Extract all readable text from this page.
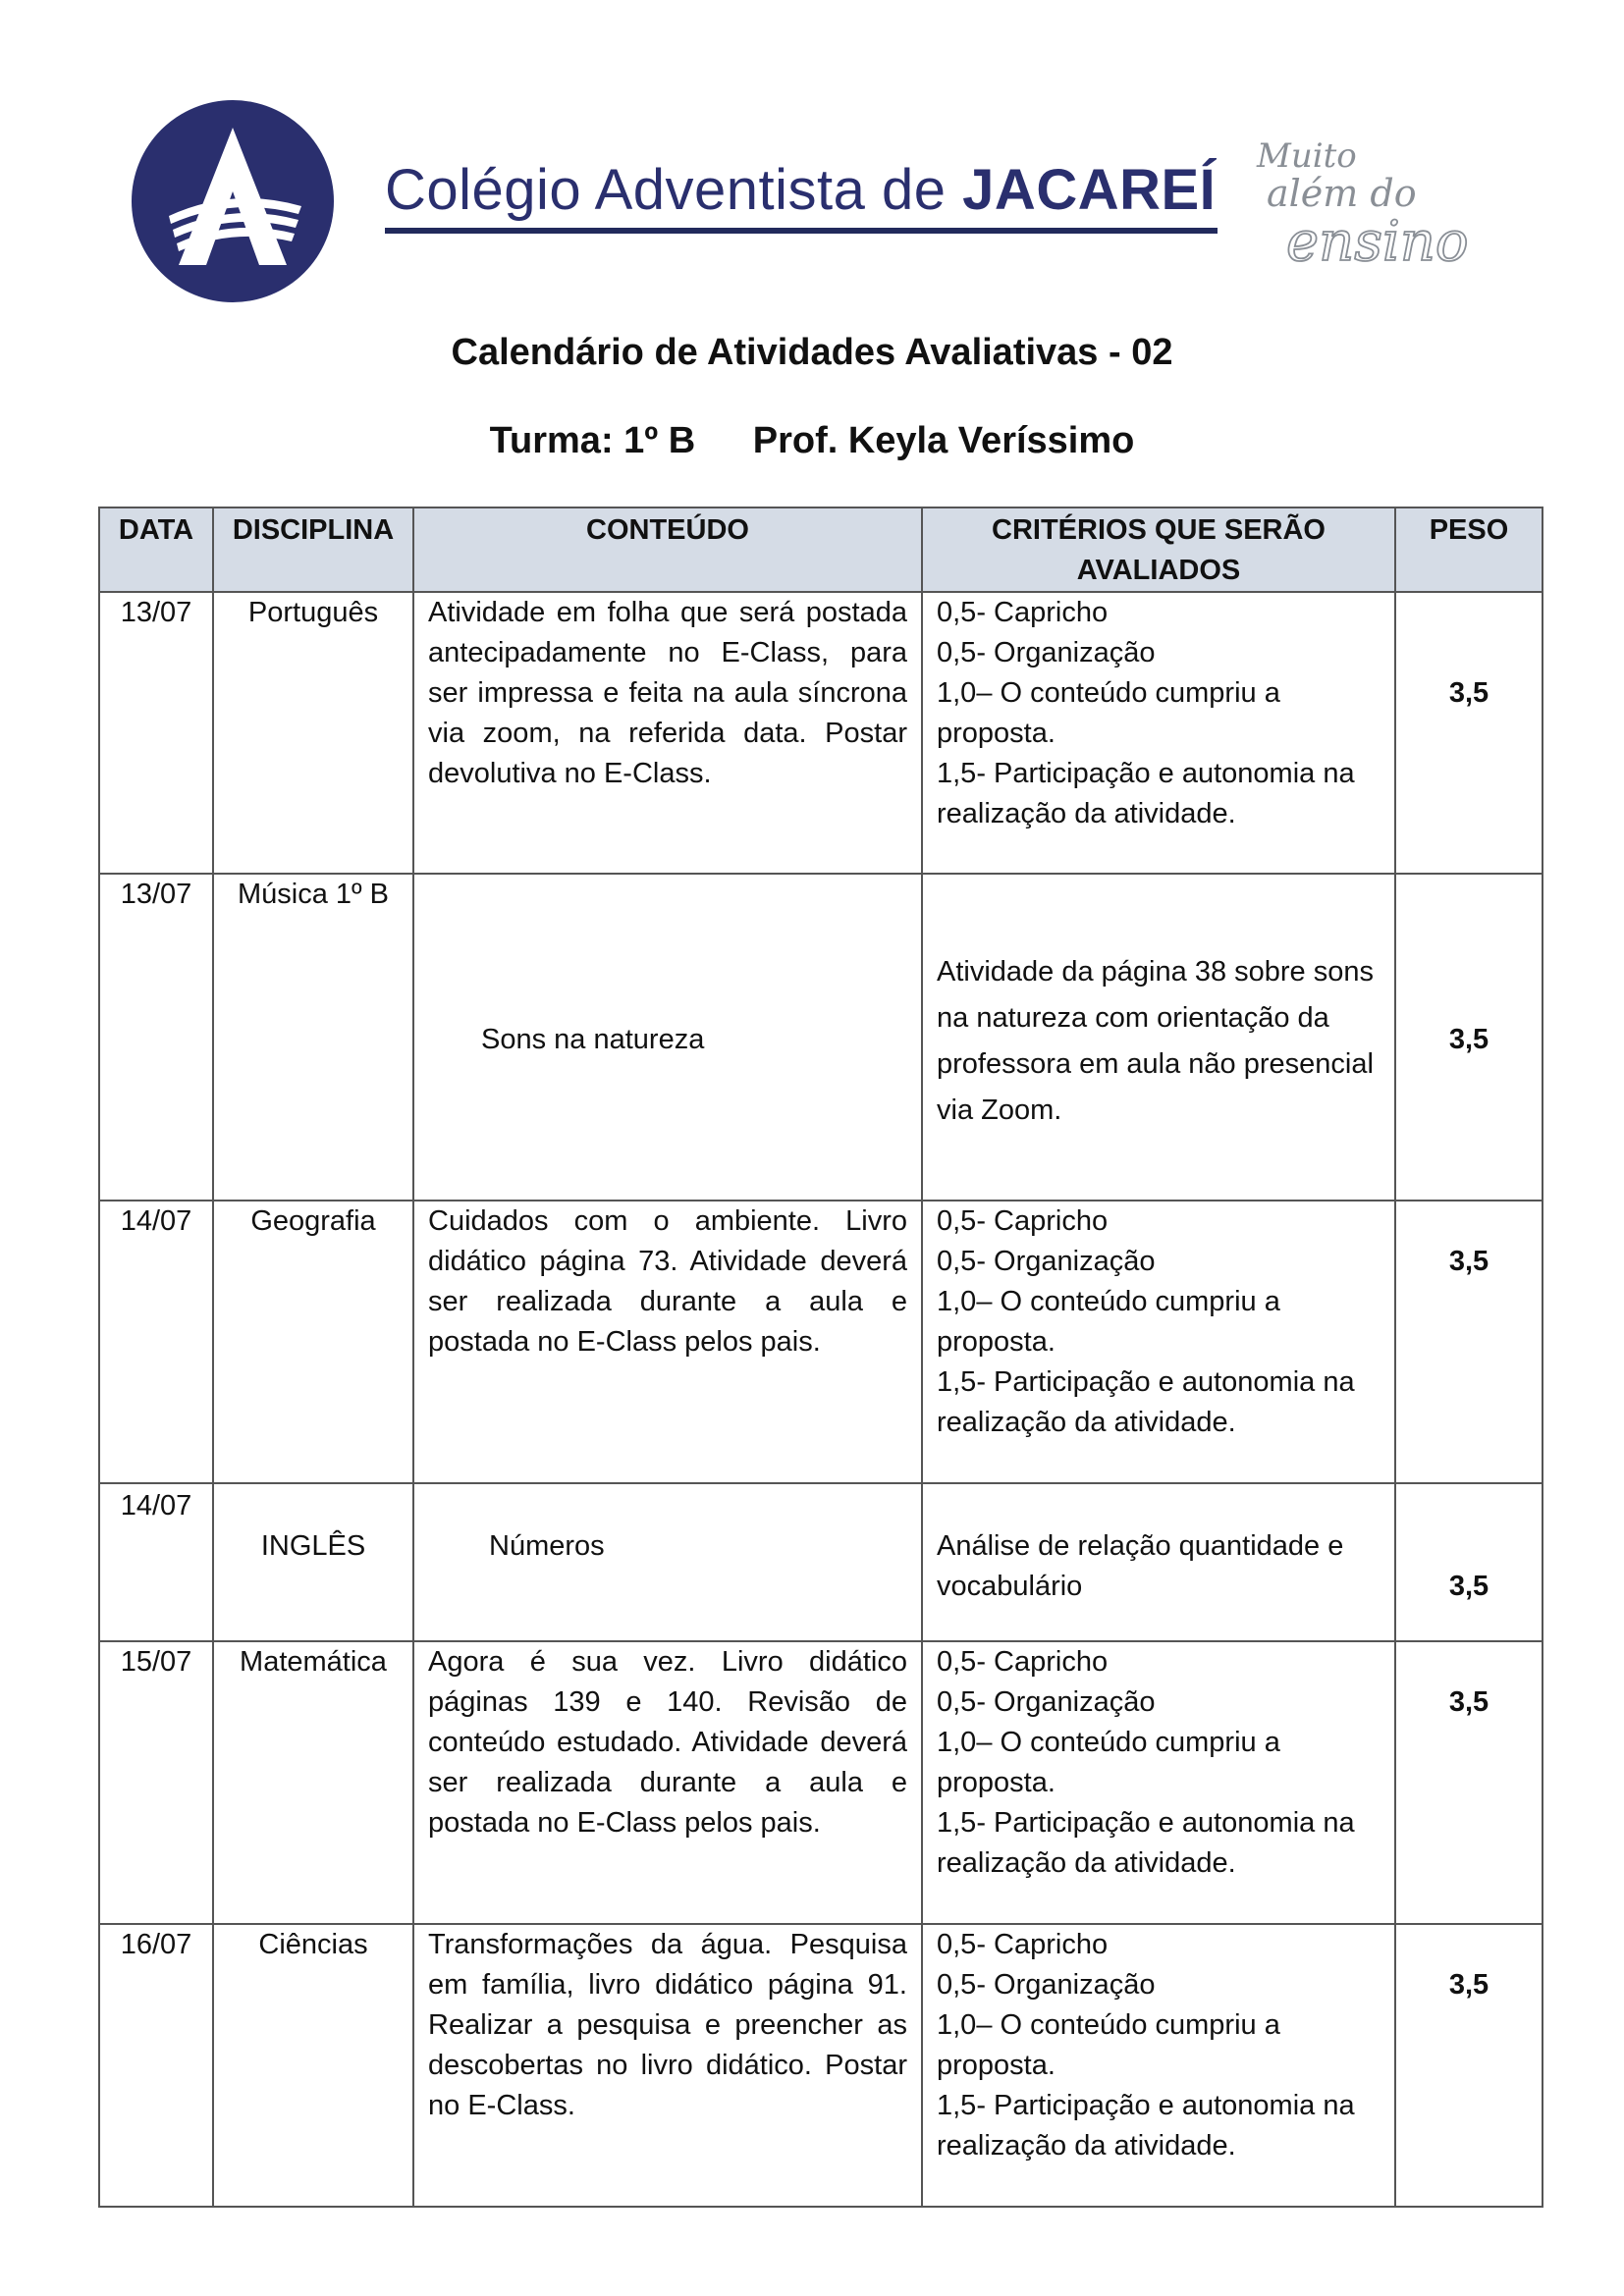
Colégio Adventista de JACAREÍ
Muito
além do
ensino
Calendário de Atividades Avaliativas - 02
Turma: 1º B Prof. Keyla Veríssimo
DATA	DISCIPLINA	CONTEÚDO	CRITÉRIOS QUE SERÃO AVALIADOS	PESO
13/07	Português	Atividade em folha que será postada antecipadamente no E-Class, para ser impressa e feita na aula síncrona via zoom, na referida data. Postar devolutiva no E-Class.	0,5- Capricho
0,5- Organização
1,0– O conteúdo cumpriu a proposta.
1,5- Participação e autonomia na realização da atividade.	3,5

13/07	Música 1º B	Sons na natureza	Atividade da página 38 sobre sons na natureza com orientação da professora em aula não presencial via Zoom.	3,5

14/07	Geografia	Cuidados com o ambiente. Livro didático página 73. Atividade deverá ser realizada durante a aula e postada no E-Class pelos pais.	0,5- Capricho
0,5- Organização
1,0– O conteúdo cumpriu a proposta.
1,5- Participação e autonomia na realização da atividade.	3,5

14/07	INGLÊS	Números	Análise de relação quantidade e vocabulário	3,5

15/07	Matemática	Agora é sua vez. Livro didático páginas 139 e 140. Revisão de conteúdo estudado. Atividade deverá ser realizada durante a aula e postada no E-Class pelos pais.	0,5- Capricho
0,5- Organização
1,0– O conteúdo cumpriu a proposta.
1,5- Participação e autonomia na realização da atividade.	3,5

16/07	Ciências	Transformações da água. Pesquisa em família, livro didático página 91. Realizar a pesquisa e preencher as descobertas no livro didático. Postar no E-Class.	0,5- Capricho
0,5- Organização
1,0– O conteúdo cumpriu a proposta.
1,5- Participação e autonomia na realização da atividade.	3,5
